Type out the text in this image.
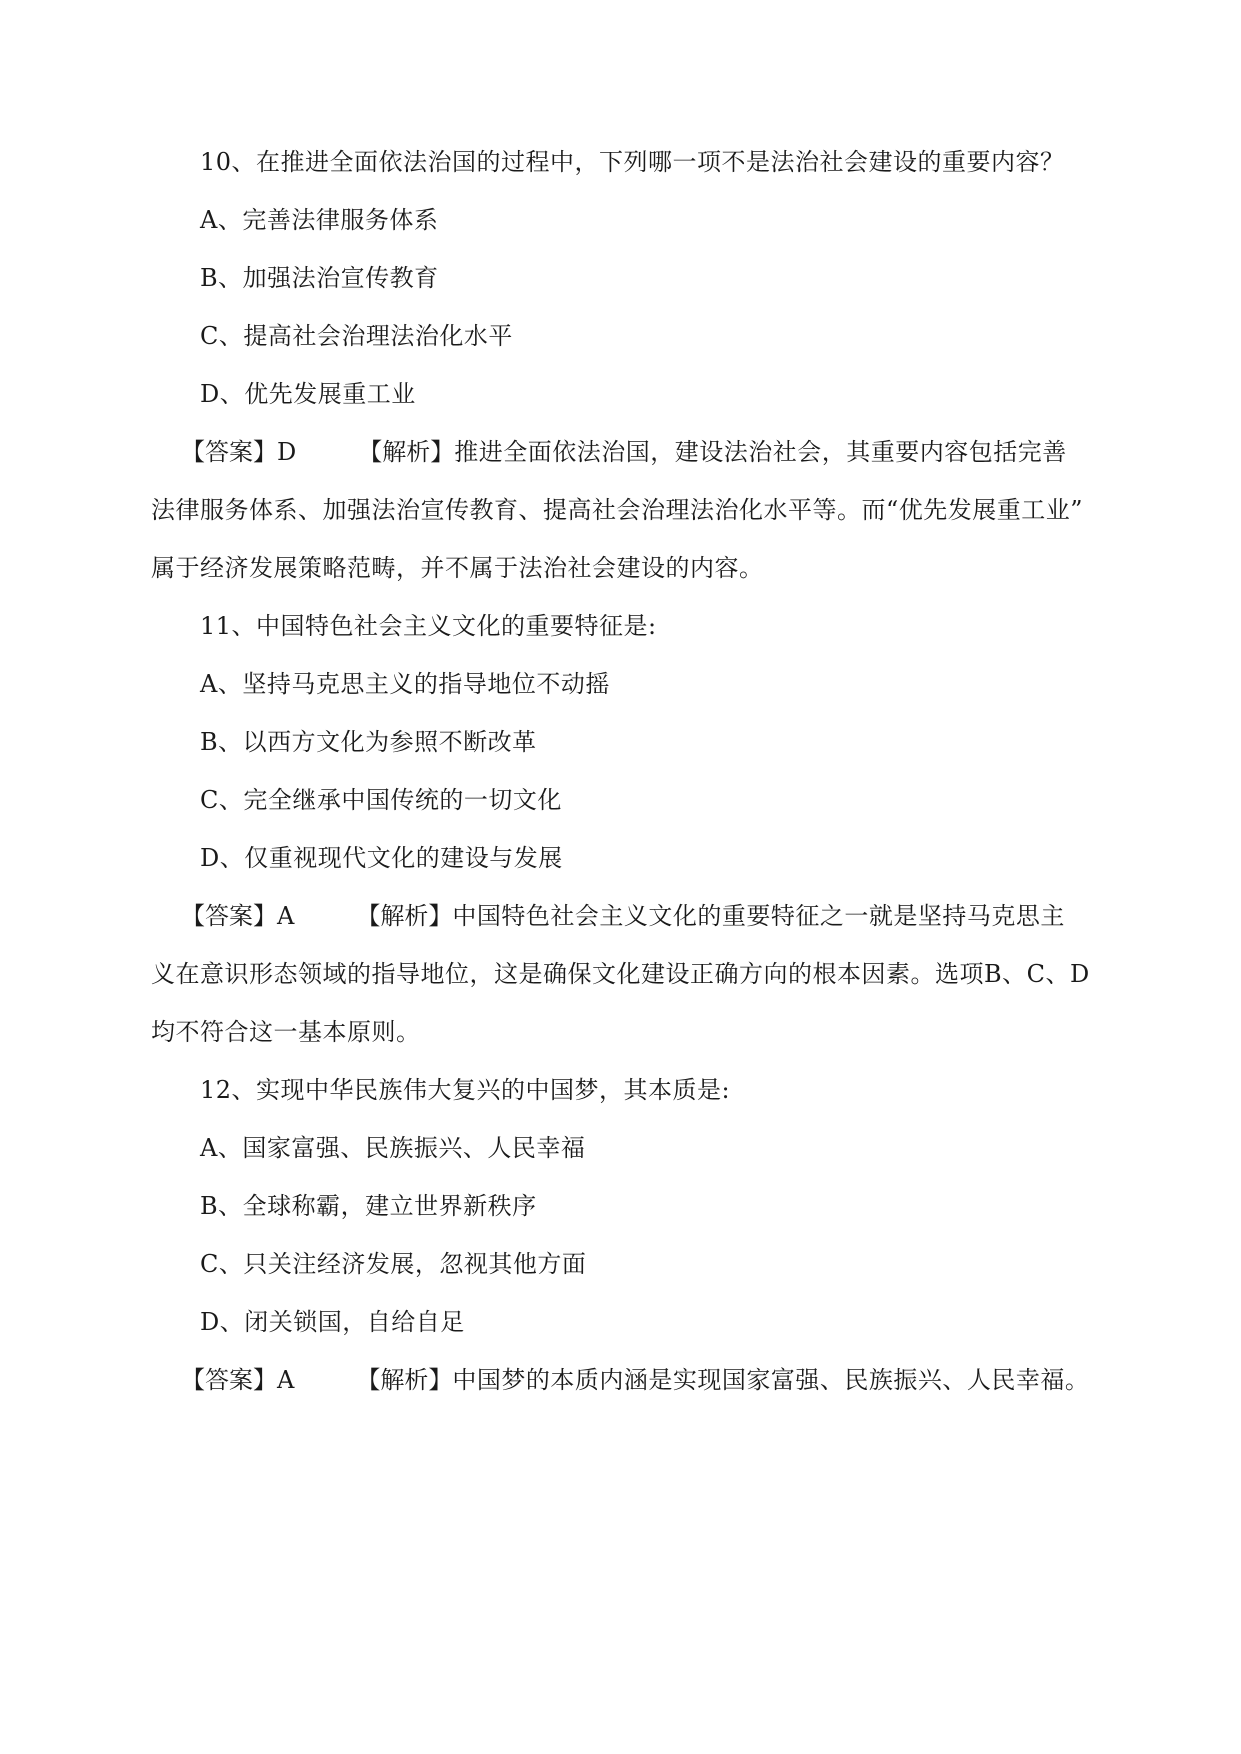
10、在推进全面依法治国的过程中，下列哪一项不是法治社会建设的重要内容？
A、完善法律服务体系
B、加强法治宣传教育
C、提高社会治理法治化水平
D、优先发展重工业
【答案】D	【解析】推进全面依法治国，建设法治社会，其重要内容包括完善
法律服务体系、加强法治宣传教育、提高社会治理法治化水平等。而“优先发展重工业”
属于经济发展策略范畴，并不属于法治社会建设的内容。
11、中国特色社会主义文化的重要特征是:
A、坚持马克思主义的指导地位不动摇
B、以西方文化为参照不断改革
C、完全继承中国传统的一切文化
D、仅重视现代文化的建设与发展
【答案】A	【解析】中国特色社会主义文化的重要特征之一就是坚持马克思主
义在意识形态领域的指导地位，这是确保文化建设正确方向的根本因素。选项B、C、D
均不符合这一基本原则。
12、实现中华民族伟大复兴的中国梦，其本质是:
A、国家富强、民族振兴、人民幸福
B、全球称霸，建立世界新秩序
C、只关注经济发展，忽视其他方面
D、闭关锁国，自给自足
【答案】A	【解析】中国梦的本质内涵是实现国家富强、民族振兴、人民幸福。
